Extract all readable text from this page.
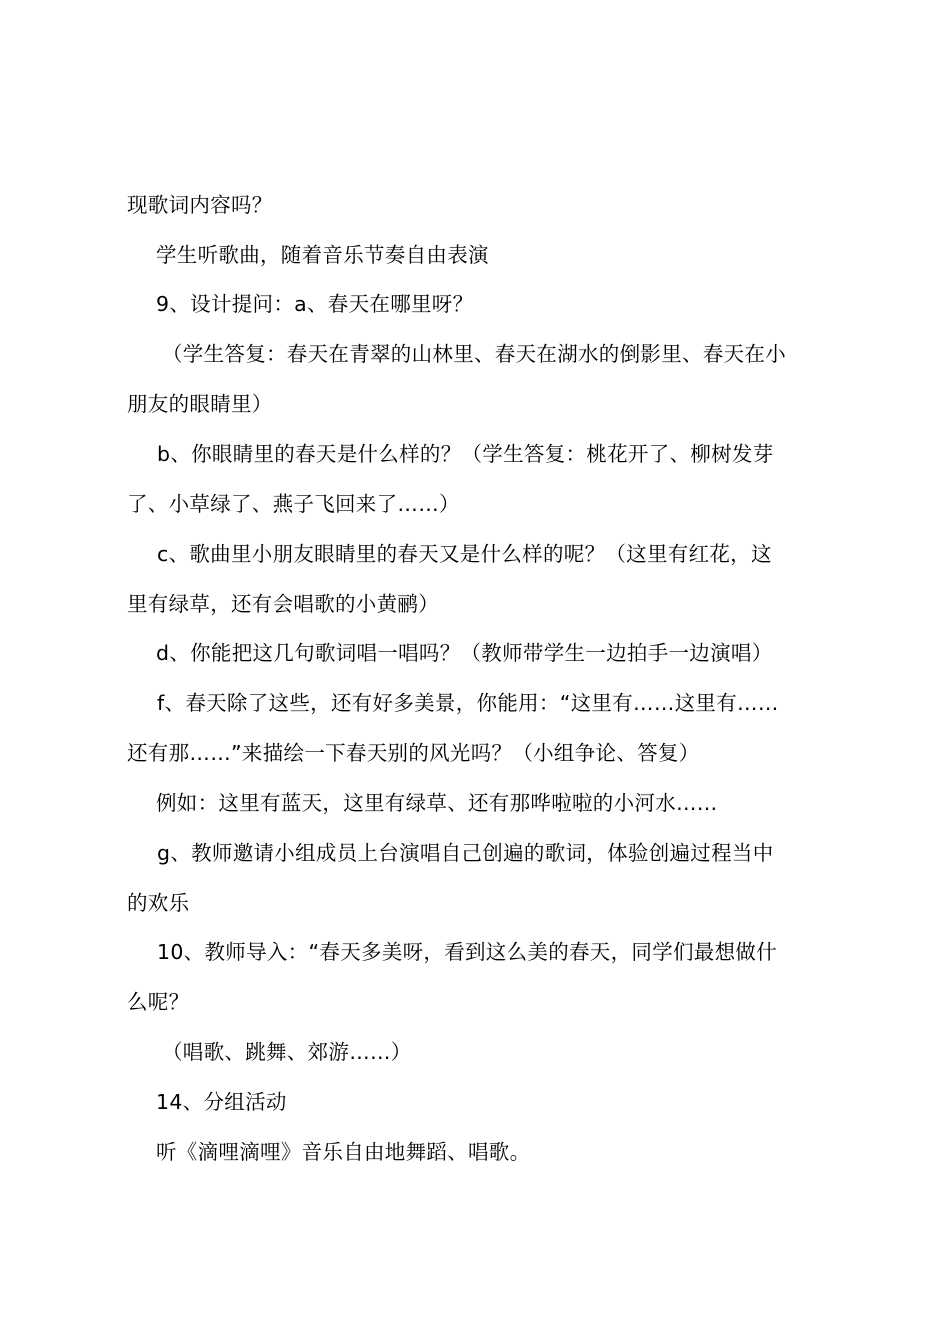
现歌词内容吗？
学生听歌曲，随着音乐节奏自由表演
9、设计提问：a、春天在哪里呀？
（学生答复：春天在青翠的山林里、春天在湖水的倒影里、春天在小
朋友的眼睛里）
b、你眼睛里的春天是什么样的？（学生答复：桃花开了、柳树发芽
了、小草绿了、燕子飞回来了……）
c、歌曲里小朋友眼睛里的春天又是什么样的呢？（这里有红花，这
里有绿草，还有会唱歌的小黄鹂）
d、你能把这几句歌词唱一唱吗？（教师带学生一边拍手一边演唱）
f、春天除了这些，还有好多美景，你能用：“这里有……这里有……
还有那……”来描绘一下春天别的风光吗？（小组争论、答复）
例如：这里有蓝天，这里有绿草、还有那哗啦啦的小河水……
g、教师邀请小组成员上台演唱自己创遍的歌词，体验创遍过程当中
的欢乐
10、教师导入：“春天多美呀，看到这么美的春天，同学们最想做什
么呢？
（唱歌、跳舞、郊游……）
14、分组活动
听《滴哩滴哩》音乐自由地舞蹈、唱歌。
